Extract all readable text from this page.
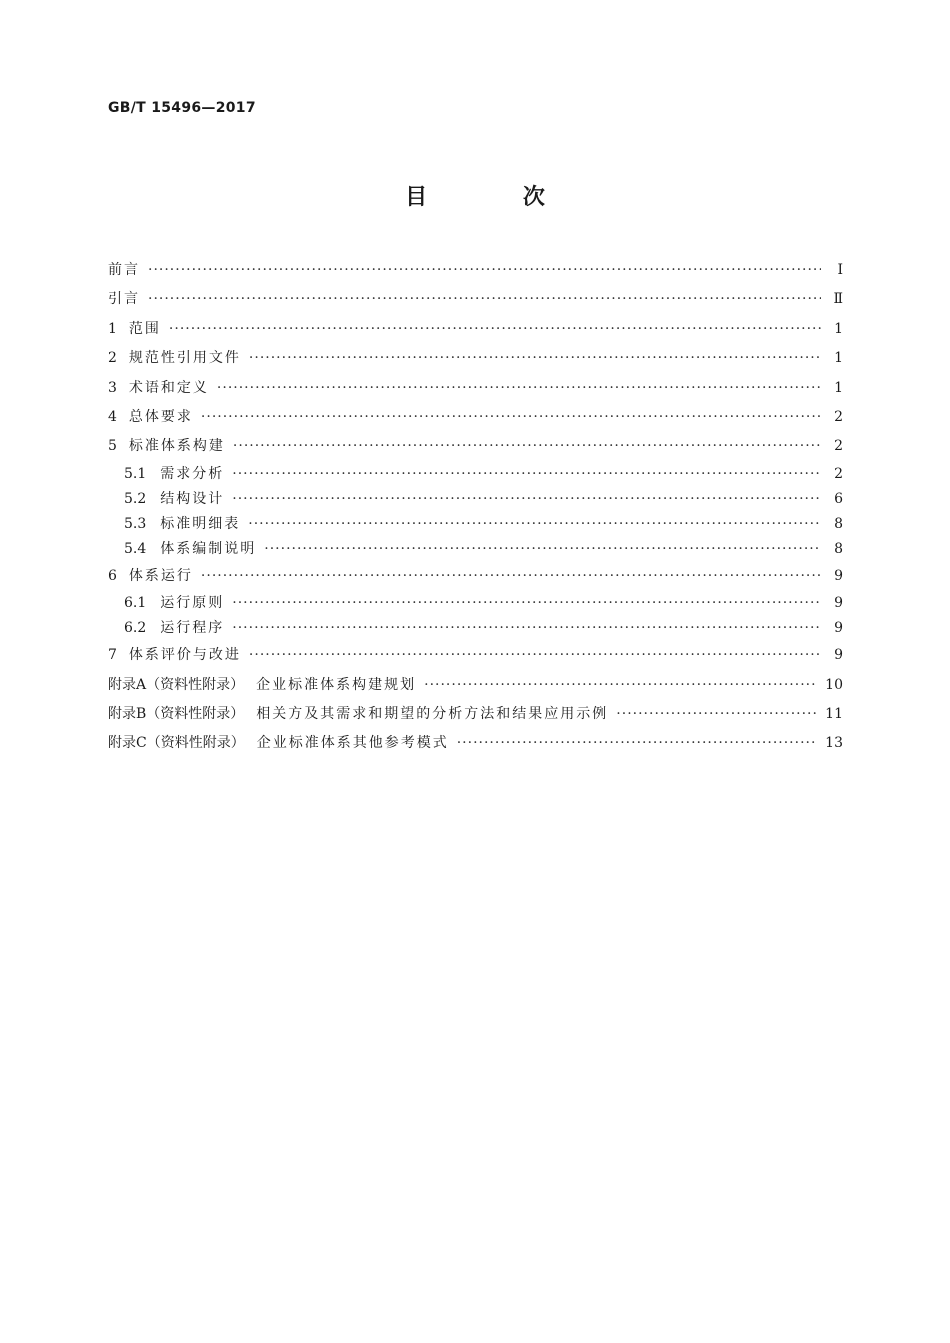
GB/T 15496—2017
目 次
前言 ·····	Ⅰ
引言 ·····	Ⅱ
1 范围 ·····	1
2 规范性引用文件 ·····	1
3 术语和定义 ·····	1
4 总体要求 ·····	2
5 标准体系构建 ·····	2
5.1 需求分析 ·····	2
5.2 结构设计 ·····	6
5.3 标准明细表 ·····	8
5.4 体系编制说明 ·····	8
6 体系运行 ·····	9
6.1 运行原则 ·····	9
6.2 运行程序 ·····	9
7 体系评价与改进 ·····	9
附录A（资料性附录） 企业标准体系构建规划 ·····	10
附录B（资料性附录） 相关方及其需求和期望的分析方法和结果应用示例 ·····	11
附录C（资料性附录） 企业标准体系其他参考模式 ·····	13
